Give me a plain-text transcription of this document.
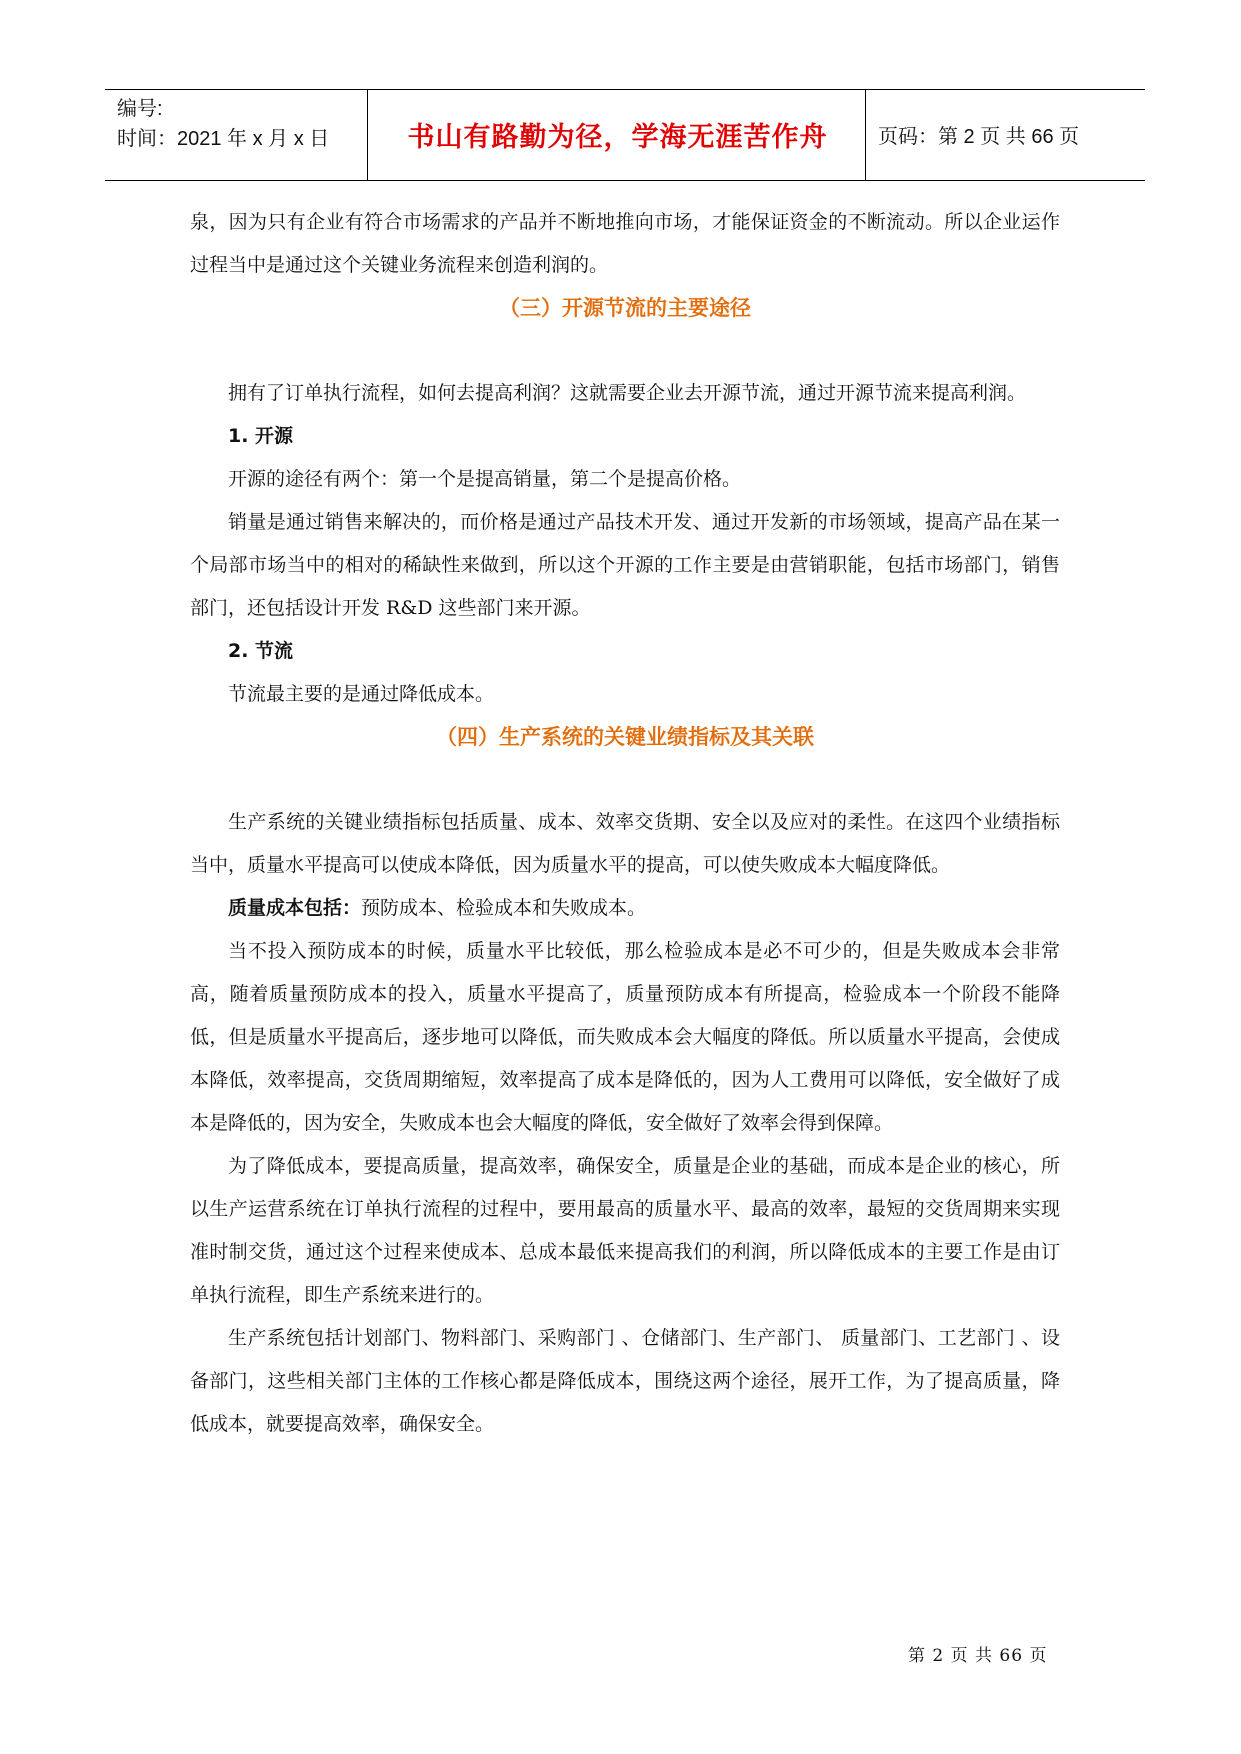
编号:
时间：2021 年 x 月 x 日	书山有路勤为径，学海无涯苦作舟	页码：第 2 页 共 66 页

泉，因为只有企业有符合市场需求的产品并不断地推向市场，才能保证资金的不断流动。所以企业运作过程当中是通过这个关键业务流程来创造利润的。

（三）开源节流的主要途径

拥有了订单执行流程，如何去提高利润？这就需要企业去开源节流，通过开源节流来提高利润。

1. 开源

开源的途径有两个：第一个是提高销量，第二个是提高价格。

销量是通过销售来解决的，而价格是通过产品技术开发、通过开发新的市场领域，提高产品在某一个局部市场当中的相对的稀缺性来做到，所以这个开源的工作主要是由营销职能，包括市场部门，销售部门，还包括设计开发 R&D 这些部门来开源。

2. 节流

节流最主要的是通过降低成本。

（四）生产系统的关键业绩指标及其关联

生产系统的关键业绩指标包括质量、成本、效率交货期、安全以及应对的柔性。在这四个业绩指标当中，质量水平提高可以使成本降低，因为质量水平的提高，可以使失败成本大幅度降低。

质量成本包括：预防成本、检验成本和失败成本。

当不投入预防成本的时候，质量水平比较低，那么检验成本是必不可少的，但是失败成本会非常高，随着质量预防成本的投入，质量水平提高了，质量预防成本有所提高，检验成本一个阶段不能降低，但是质量水平提高后，逐步地可以降低，而失败成本会大幅度的降低。所以质量水平提高，会使成本降低，效率提高，交货周期缩短，效率提高了成本是降低的，因为人工费用可以降低，安全做好了成本是降低的，因为安全，失败成本也会大幅度的降低，安全做好了效率会得到保障。

为了降低成本，要提高质量，提高效率，确保安全，质量是企业的基础，而成本是企业的核心，所以生产运营系统在订单执行流程的过程中，要用最高的质量水平、最高的效率，最短的交货周期来实现准时制交货，通过这个过程来使成本、总成本最低来提高我们的利润，所以降低成本的主要工作是由订单执行流程，即生产系统来进行的。

生产系统包括计划部门、物料部门、采购部门 、仓储部门、生产部门、 质量部门、工艺部门 、设备部门，这些相关部门主体的工作核心都是降低成本，围绕这两个途径，展开工作，为了提高质量，降低成本，就要提高效率，确保安全。

第 2 页 共 66 页
